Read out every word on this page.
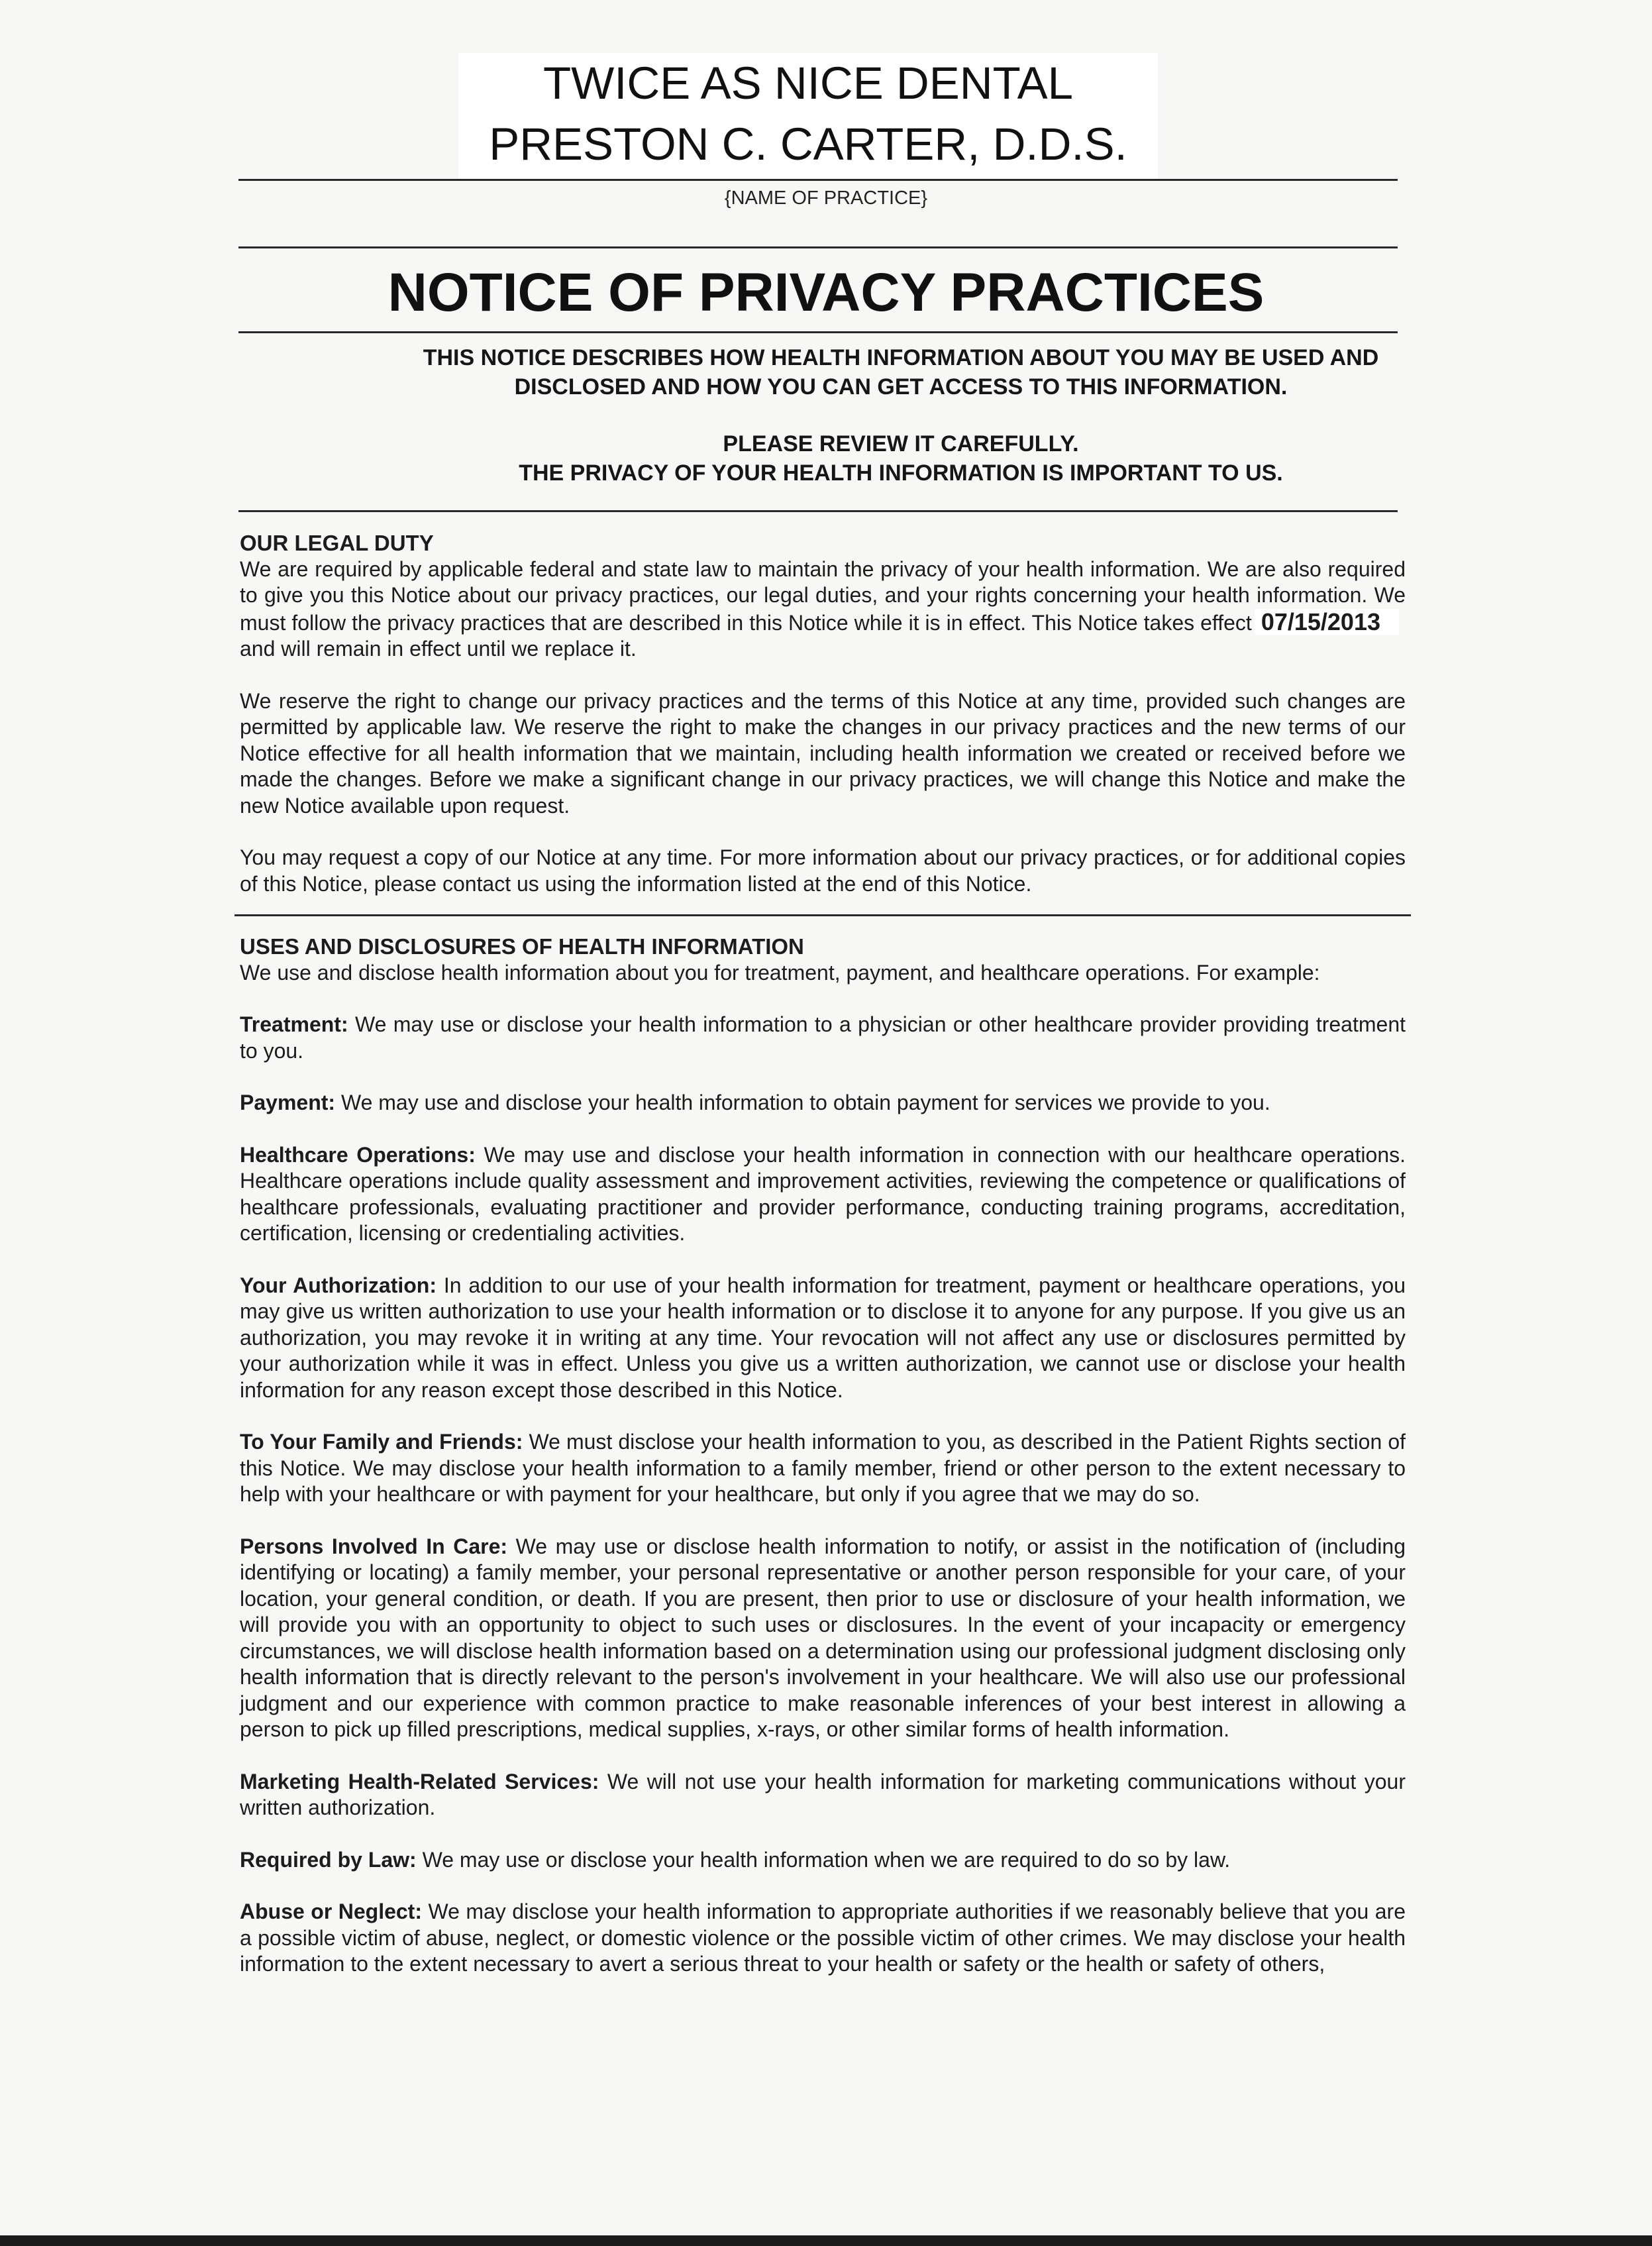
TWICE AS NICE DENTAL
PRESTON C. CARTER, D.D.S.
{NAME OF PRACTICE}
NOTICE OF PRIVACY PRACTICES
THIS NOTICE DESCRIBES HOW HEALTH INFORMATION ABOUT YOU MAY BE USED AND
DISCLOSED AND HOW YOU CAN GET ACCESS TO THIS INFORMATION.
PLEASE REVIEW IT CAREFULLY.
THE PRIVACY OF YOUR HEALTH INFORMATION IS IMPORTANT TO US.

OUR LEGAL DUTY

We are required by applicable federal and state law to maintain the privacy of your health information. We are also required to give you this Notice about our privacy practices, our legal duties, and your rights concerning your health information. We must follow the privacy practices that are described in this Notice while it is in effect. This Notice takes effect 07/15/2013and will remain in effect until we replace it.

We reserve the right to change our privacy practices and the terms of this Notice at any time, provided such changes are permitted by applicable law. We reserve the right to make the changes in our privacy practices and the new terms of our Notice effective for all health information that we maintain, including health information we created or received before we made the changes. Before we make a significant change in our privacy practices, we will change this Notice and make the new Notice available upon request.

You may request a copy of our Notice at any time. For more information about our privacy practices, or for additional copies of this Notice, please contact us using the information listed at the end of this Notice.

USES AND DISCLOSURES OF HEALTH INFORMATION

We use and disclose health information about you for treatment, payment, and healthcare operations. For example:

Treatment: We may use or disclose your health information to a physician or other healthcare provider providing treatment to you.

Payment: We may use and disclose your health information to obtain payment for services we provide to you.

Healthcare Operations: We may use and disclose your health information in connection with our healthcare operations. Healthcare operations include quality assessment and improvement activities, reviewing the competence or qualifications of healthcare professionals, evaluating practitioner and provider performance, conducting training programs, accreditation, certification, licensing or credentialing activities.

Your Authorization: In addition to our use of your health information for treatment, payment or healthcare operations, you may give us written authorization to use your health information or to disclose it to anyone for any purpose. If you give us an authorization, you may revoke it in writing at any time. Your revocation will not affect any use or disclosures permitted by your authorization while it was in effect. Unless you give us a written authorization, we cannot use or disclose your health information for any reason except those described in this Notice.

To Your Family and Friends: We must disclose your health information to you, as described in the Patient Rights section of this Notice. We may disclose your health information to a family member, friend or other person to the extent necessary to help with your healthcare or with payment for your healthcare, but only if you agree that we may do so.

Persons Involved In Care: We may use or disclose health information to notify, or assist in the notification of (including identifying or locating) a family member, your personal representative or another person responsible for your care, of your location, your general condition, or death. If you are present, then prior to use or disclosure of your health information, we will provide you with an opportunity to object to such uses or disclosures. In the event of your incapacity or emergency circumstances, we will disclose health information based on a determination using our professional judgment disclosing only health information that is directly relevant to the person's involvement in your healthcare. We will also use our professional judgment and our experience with common practice to make reasonable inferences of your best interest in allowing a person to pick up filled prescriptions, medical supplies, x-rays, or other similar forms of health information.

Marketing Health-Related Services: We will not use your health information for marketing communications without your written authorization.

Required by Law: We may use or disclose your health information when we are required to do so by law.

Abuse or Neglect: We may disclose your health information to appropriate authorities if we reasonably believe that you are a possible victim of abuse, neglect, or domestic violence or the possible victim of other crimes. We may disclose your health information to the extent necessary to avert a serious threat to your health or safety or the health or safety of others,
